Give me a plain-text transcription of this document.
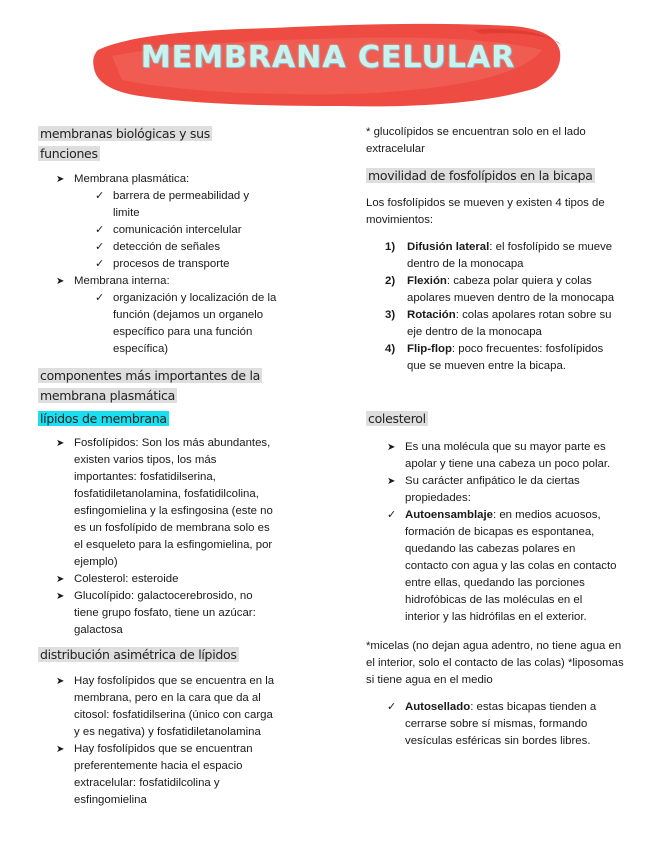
MEMBRANA CELULAR

membranas biológicas y sus funciones

➤ Membrana plasmática:
✓ barrera de permeabilidad y limite
✓ comunicación intercelular
✓ detección de señales
✓ procesos de transporte
➤ Membrana interna:
✓ organización y localización de la función (dejamos un organelo específico para una función específica)

componentes más importantes de la membrana plasmática

lípidos de membrana

➤ Fosfolípidos: Son los más abundantes, existen varios tipos, los más importantes: fosfatidilserina, fosfatidiletanolamina, fosfatidilcolina, esfingomielina y la esfingosina (este no es un fosfolípido de membrana solo es el esqueleto para la esfingomielina, por ejemplo)
➤ Colesterol: esteroide
➤ Glucolípido: galactocerebrosido, no tiene grupo fosfato, tiene un azúcar: galactosa

distribución asimétrica de lípidos

➤ Hay fosfolípidos que se encuentra en la membrana, pero en la cara que da al citosol: fosfatidilserina (único con carga y es negativa) y fosfatidiletanolamina
➤ Hay fosfolípidos que se encuentran preferentemente hacia el espacio extracelular: fosfatidilcolina y esfingomielina

* glucolípidos se encuentran solo en el lado extracelular

movilidad de fosfolípidos en la bicapa

Los fosfolípidos se mueven y existen 4 tipos de movimientos:

1) Difusión lateral: el fosfolípido se mueve dentro de la monocapa
2) Flexión: cabeza polar quiera y colas apolares mueven dentro de la monocapa
3) Rotación: colas apolares rotan sobre su eje dentro de la monocapa
4) Flip-flop: poco frecuentes: fosfolípidos que se mueven entre la bicapa.

colesterol

➤ Es una molécula que su mayor parte es apolar y tiene una cabeza un poco polar.
➤ Su carácter anfipático le da ciertas propiedades:
✓ Autoensamblaje: en medios acuosos, formación de bicapas es espontanea, quedando las cabezas polares en contacto con agua y las colas en contacto entre ellas, quedando las porciones hidrofóbicas de las moléculas en el interior y las hidrófilas en el exterior.

*micelas (no dejan agua adentro, no tiene agua en el interior, solo el contacto de las colas) *liposomas si tiene agua en el medio

✓ Autosellado: estas bicapas tienden a cerrarse sobre sí mismas, formando vesículas esféricas sin bordes libres.
